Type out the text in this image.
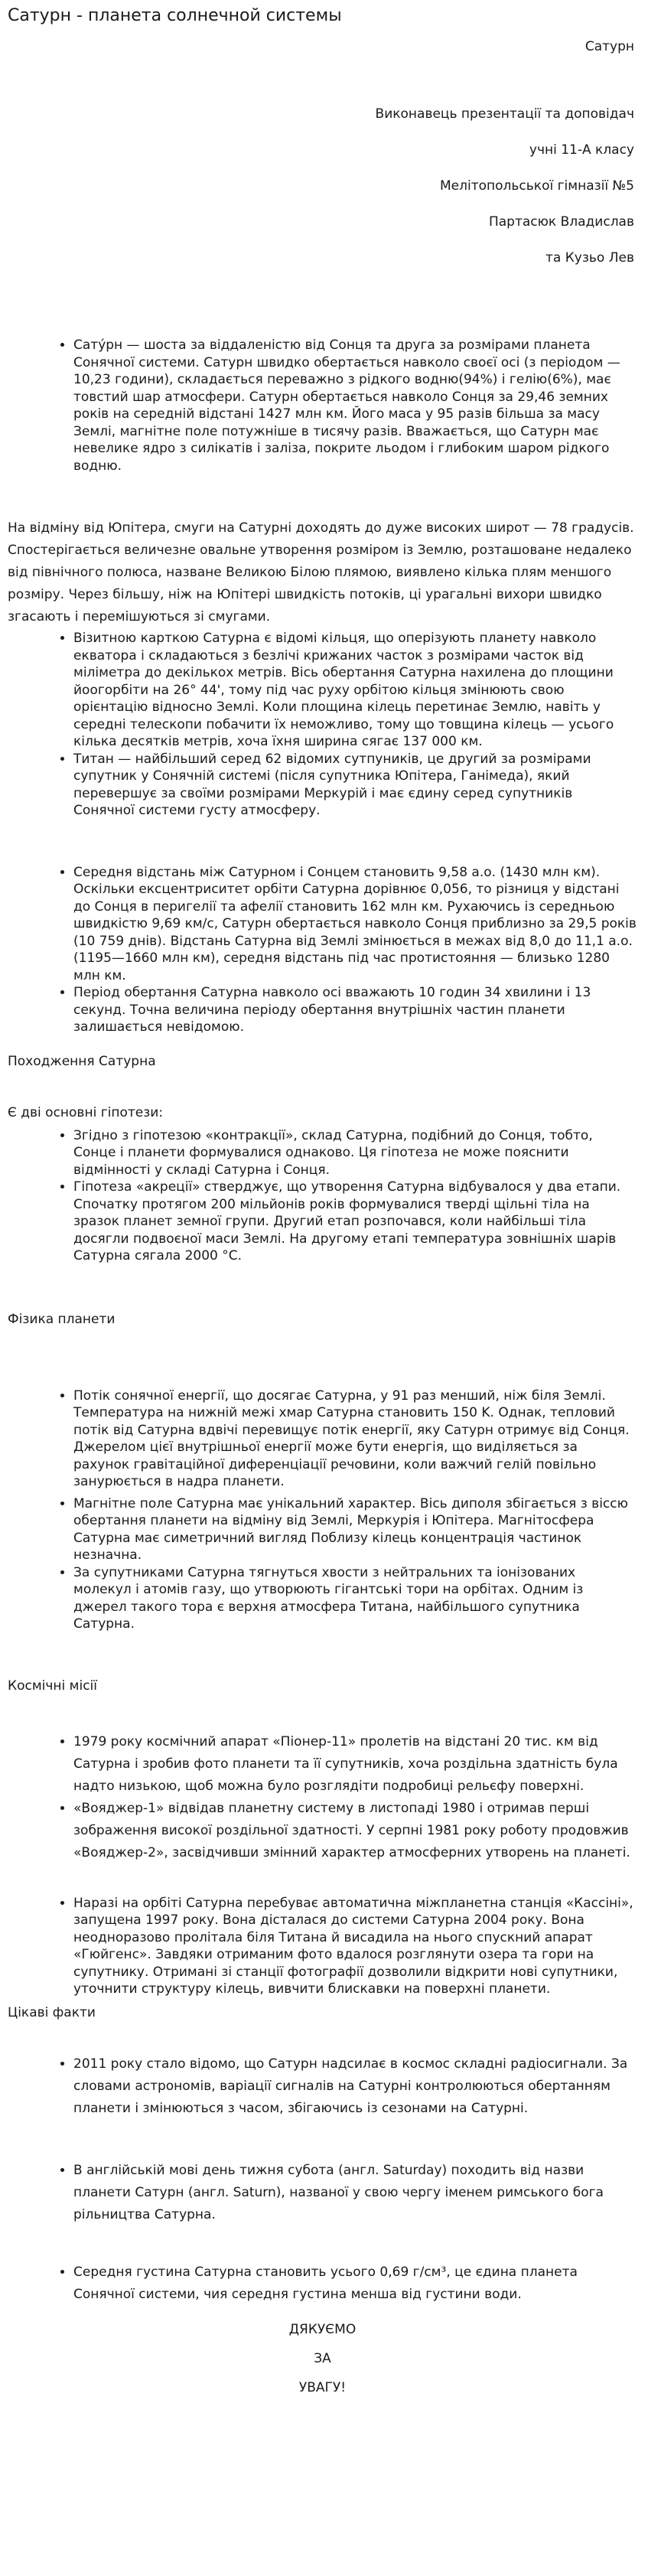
Сатурн - планета солнечной системы

Сатурн

Виконавець презентації та доповідач

учні 11-А класу

Мелітопольської гімназії №5

Партасюк Владислав

та Кузьо Лев

• Сату́рн — шоста за віддаленістю від Сонця та друга за розмірами планета Сонячної системи. Сатурн швидко обертається навколо своєї осі (з періодом — 10,23 години), складається переважно з рідкого водню(94%) і гелію(6%), має товстий шар атмосфери. Сатурн обертається навколо Сонця за 29,46 земних років на середній відстані 1427 млн км. Його маса у 95 разів більша за масу Землі, магнітне поле потужніше в тисячу разів. Вважається, що Сатурн має невелике ядро з силікатів і заліза, покрите льодом і глибоким шаром рідкого водню.

На відміну від Юпітера, смуги на Сатурні доходять до дуже високих широт — 78 градусів. Спостерігається величезне овальне утворення розміром із Землю, розташоване недалеко від північного полюса, назване Великою Білою плямою, виявлено кілька плям меншого розміру. Через більшу, ніж на Юпітері швидкість потоків, ці урагальні вихори швидко згасають і перемішуються зі смугами.

• Візитною карткою Сатурна є відомі кільця, що оперізують планету навколо екватора і складаються з безлічі крижаних часток з розмірами часток від міліметра до декількох метрів. Вісь обертання Сатурна нахилена до площини йоогорбіти на 26° 44', тому під час руху орбітою кільця змінюють свою орієнтацію відносно Землі. Коли площина кілець перетинає Землю, навіть у середні телескопи побачити їх неможливо, тому що товщина кілець — усього кілька десятків метрів, хоча їхня ширина сягає 137 000 км.
• Титан — найбільший серед 62 відомих сутпуників, це другий за розмірами супутник у Сонячній системі (після супутника Юпітера, Ганімеда), який перевершує за своїми розмірами Меркурій і має єдину серед супутників Сонячної системи густу атмосферу.
• Середня відстань між Сатурном і Сонцем становить 9,58 а.о. (1430 млн км). Оскільки ексцентриситет орбіти Сатурна дорівнює 0,056, то різниця у відстані до Сонця в перигелії та афелії становить 162 млн км. Рухаючись із середньою швидкістю 9,69 км/с, Сатурн обертається навколо Сонця приблизно за 29,5 років (10 759 днів). Відстань Сатурна від Землі змінюється в межах від 8,0 до 11,1 а.о. (1195—1660 млн км), середня відстань під час протистояння — близько 1280 млн км.
• Період обертання Сатурна навколо осі вважають 10 годин 34 хвилини і 13 секунд. Точна величина періоду обертання внутрішніх частин планети залишається невідомою.

Походження Сатурна

Є дві основні гіпотези:

• Згідно з гіпотезою «контракції», склад Сатурна, подібний до Сонця, тобто, Сонце і планети формувалися однаково. Ця гіпотеза не може пояснити відмінності у складі Сатурна і Сонця.
• Гіпотеза «акреції» стверджує, що утворення Сатурна відбувалося у два етапи. Спочатку протягом 200 мільйонів років формувалися тверді щільні тіла на зразок планет земної групи. Другий етап розпочався, коли найбільші тіла досягли подвоєної маси Землі. На другому етапі температура зовнішніх шарів Сатурна сягала 2000 °С.

Фізика планети

• Потік сонячної енергії, що досягає Сатурна, у 91 раз менший, ніж біля Землі. Температура на нижній межі хмар Сатурна становить 150 K. Однак, тепловий потік від Сатурна вдвічі перевищує потік енергії, яку Сатурн отримує від Сонця. Джерелом цієї внутрішньої енергії може бути енергія, що виділяється за рахунок гравітаційної диференціації речовини, коли важчий гелій повільно занурюється в надра планети.
• Магнітне поле Сатурна має унікальний характер. Вісь диполя збігається з віссю обертання планети на відміну від Землі, Меркурія і Юпітера. Магнітосфера Сатурна має симетричний вигляд Поблизу кілець концентрація частинок незначна.
• За супутниками Сатурна тягнуться хвости з нейтральних та іонізованих молекул і атомів газу, що утворюють гігантські тори на орбітах. Одним із джерел такого тора є верхня атмосфера Титана, найбільшого супутника Сатурна.

Космічні місії

• 1979 року космічний апарат «Піонер-11» пролетів на відстані 20 тис. км від Сатурна і зробив фото планети та її супутників, хоча роздільна здатність була надто низькою, щоб можна було розглядіти подробиці рельєфу поверхні.
• «Вояджер-1» відвідав планетну систему в листопаді 1980 і отримав перші зображення високої роздільної здатності. У серпні 1981 року роботу продовжив «Вояджер-2», засвідчивши змінний характер атмосферних утворень на планеті.
• Наразі на орбіті Сатурна перебуває автоматична міжпланетна станція «Кассіні», запущена 1997 року. Вона дісталася до системи Сатурна 2004 року. Вона неодноразово пролітала біля Титана й висадила на нього спускний апарат «Гюйгенс». Завдяки отриманим фото вдалося розглянути озера та гори на супутнику. Отримані зі станції фотографії дозволили відкрити нові супутники, уточнити структуру кілець, вивчити блискавки на поверхні планети.

Цікаві факти

• 2011 року стало відомо, що Сатурн надсилає в космос складні радіосигнали. За словами астрономів, варіації сигналів на Сатурні контролюються обертанням планети і змінюються з часом, збігаючись із сезонами на Сатурні.
• В англійській мові день тижня субота (англ. Saturday) походить від назви планети Сатурн (англ. Saturn), названої у свою чергу іменем римського бога рільництва Сатурна.
• Середня густина Сатурна становить усього 0,69 г/см³, це єдина планета Сонячної системи, чия середня густина менша від густини води.

ДЯКУЄМО

ЗА

УВАГУ!
